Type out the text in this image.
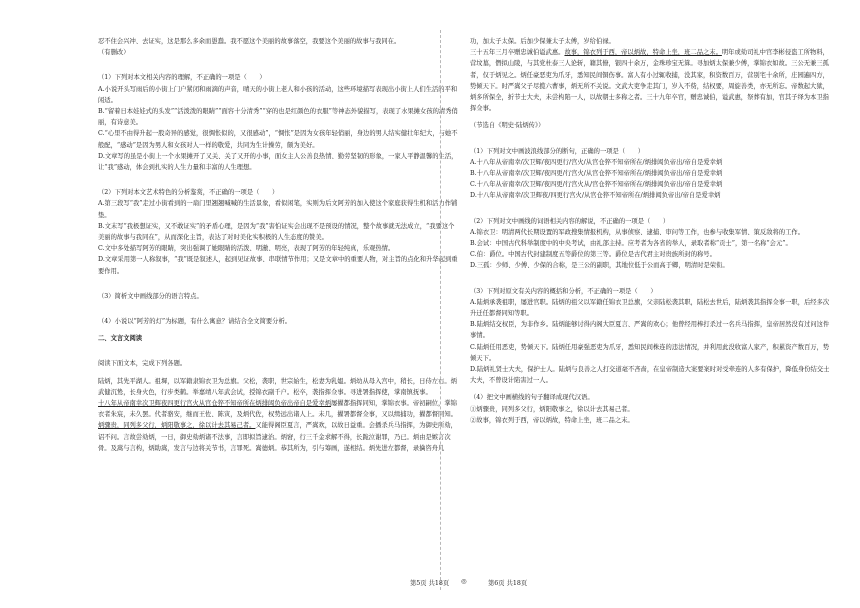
忍不住会兴冲、去证实，这是那么多余而愚蠢。我不愿这个美丽的故事落空，我要这个美丽的故事与我同在。

（有删改）

（1）下列对本文相关内容的理解，不正确的一项是（　　）

A.小说开头写雨后的小街上门户紧闭和雨滴的声音，晴天的小街上老人和小孩的活动，这些环境描写表现出小街上人们生活的平和闲适。

B.“留着日本娃娃式的头发”“活泼泼的眼睛”“面容十分清秀”“穿的也是红颜色的衣服”等神态外貌描写，表现了水果摊女孩的清秀俏丽，有诗意美。

C.“心里不由得升起一股奇异的感觉，很惆怅似的，又很感动”，“惆怅”是因为女孩年轻俏丽，身边的男人结实健壮年纪大，与她不般配，“感动”是因为男人和女孩对人一样的敬爱，共同为生计操劳，颇为美好。

D.文章写的虽是小街上一个水果摊开了又关、关了又开的小事，面女主人公善良热情、勤劳坚韧的形象，一家人平静温馨的生活，让“我”感动，体会到扎实的人生力量和丰富的人生理想。

（2）下列对本文艺术特色的分析鉴赏，不正确的一项是（　　）

A.第三段写“我”走过小街看到的一扇门里翘翘喊喊的生活景象，看似闲笔，实则为后文阿芳的加入使这个家庭获得生机和活力作铺垫。

B.文末写“我极想证实，又不敢证实”的矛盾心理，是因为“我”害怕证实会出现不是预设的情况，整个故事就无法成立，“我要这个美丽的故事与我同在”，从而深化主旨，表达了对时美化实积极的人生态度的赞美。

C.文中多处描写阿芳的眼睛，突出强调了她眼睛的活泼、明澈、明亮，表现了阿芳的年轻纯真，乐观热情。

D.文章采用第一人称叙事，“我”既是叙述人，起到见证故事、串联情节作用；又是文章中的重要人物，对主旨的点化和升华起到重要作用。

（3）简析文中画线部分的语言特点。

（4）小说以“阿芳的灯”为标题，有什么寓意？请结合全文简要分析。

二、文言文阅读

阅读下面文本，完成下列各题。

陆炳，其先平湖人。祖墀，以军籍隶锦衣卫为总旗。父松，袭职，世宗始生，松妻为乳媪。炳幼从母入宫中，稍长，日侍左右。炳武健沉鸷，长身火色，行步类鹤。举嘉靖八年武会试，授锦衣副千户。松卒，袭指挥佥事。寻进署指挥使，掌南镇抚事。

十八年从帝南幸次卫辉夜四更行宫火从官仓猝不知帝所在炳排闼负帝出帝自是爱幸炳屡擢都指挥同知，掌锦衣事。帝初嗣位，掌锦衣者朱宸，未久罢。代者骆安，继而王佐、陈寅，及炳代佐，权势远出诸人上。未几，擢署都督佥事，又以缉捕功，擢都督同知。炳骤贵，同列多父行，炳阳敬事之，徐以计去其易己者。又能得阁臣夏言，严嵩欢，以故日益重。会播杀兵马指挥，为御史所劾，诏不问。言故尝劾炳，一日，御史劾炳诸不法事，言即拟旨逮治。炳窘，行三千金求解不得，长跪泣谢罪，乃已。炳由是嫉言次骨。及嵩与言构，炳助嵩，发言与边将关节书，言罪死。嵩德炳。恭其所为，引与筹画，遂相结。炳先进左都督，录擒咨舟几

功，加太子太保。后加少保兼太子太傅，岁给伯禄。

三十五年三月卒赠忠诚伯谥武惠。故事，锦衣列于西，帝以炳故，特命上坐，班二品之末。明年或劾司礼中官李彬侵盗工所物料，营坟墓，僭拟山陵，与其党杜泰三人论斩，籍其僚，银四十余万，金珠珍宝无算。寻加炳太保兼少傅，掌锦衣如故。三公无兼三孤者，仅于炳见之。炳任豪恶吏为爪牙，悉知民间铜伤事。富人有小过辄收捕，没其家，积资数百万，营别宅十余所，庄园遍四方，势倾天下。时严嵩父子尽揽六曹事，炳无所不关说。文武大吏争走其门，岁入不赀，结权要，周旋善类，亦无所忘。帝数起大狱，炳多所保全，折节士大夫，未尝构陷一人，以故朝士多称之者。三十九年卒官，赠忠诚伯，谥武惠，祭葬有加，官其子绎为本卫指挥佥事。

（节选自《明史·陆炳传》）

（1）下列对文中画波浪线部分的断句，正确的一项是（　　）

A.十八年从帝南幸/次卫辉/夜四更行/宫火/从官仓猝不知帝所在/炳排闼负帝出/帝自是爱幸炳

B.十八年从帝南幸/次卫辉/夜四更/行宫火/从官仓猝不知帝所在/炳排闼负帝出/帝自是爱幸炳

C.十八年从帝南幸/次卫辉/夜四更/行宫火从/官仓猝不知帝所在/炳排闼负帝出/帝自是爱幸炳

D.十八年从帝南幸/次卫辉夜/四更行宫火/从官仓猝不知帝所在/炳排闼负帝出/帝自是爱幸炳

（2）下列对文中画线的词语相关内容的解说，不正确的一项是（　　）

A.锦衣卫：明清两代长期设置的军政搜集情报机构，从事侦察、逮捕、审问等工作，也参与收集军情、策反敌将的工作。

B.会试：中国古代科举制度中的中央考试，由礼部主持。应考者为各省的举人，录取者称“贡士”，第一名称“会元”。

C.伯：爵位。中国古代封建制度五等爵位的第三等。爵位是古代君主对贵族所封的称号。

D.三孤：少师、少傅、少保的合称，是三公的副职，其地位低于公而高于卿，明清时是荣衔。

（3）下列对原文有关内容的概括和分析，不正确的一项是（　　）

A.陆炳承袭祖职，屡进官职。陆炳的祖父以军籍任锦衣卫总旗，父亲陆松袭其职，陆松去世后，陆炳袭其指挥佥事一职，后经多次升迁任都督同知等职。

B.陆炳结交权臣，为非作乡。陆炳能够讨得内阁大臣夏言、严嵩的欢心；他曾经用棒打杀过一名兵马指挥，皇帝居然没有过问这件事情。

C.陆炳任用恶吏，势倾天下。陆炳任用豪强恶吏为爪牙，悉知民间株连的违法情况，并利用此没收富人家产，积累资产数百万，势倾天下。

D.陆炳礼贤士大夫，保护士人。陆炳与良善之人打交道毫不吝啬，在皇帝制造大案要案时对受牵连的人多有保护，降低身份结交士大夫，不曾设计陷害过一人。

（4）把文中画横线的句子翻译成现代汉语。

①炳骤贵，同列多父行，炳阳敬事之，徐以计去其易己者。

②故事，锦衣列于西，帝以炳故，特命上坐，班二品之末。

第5页 共18页 ◎	第6页 共18页
